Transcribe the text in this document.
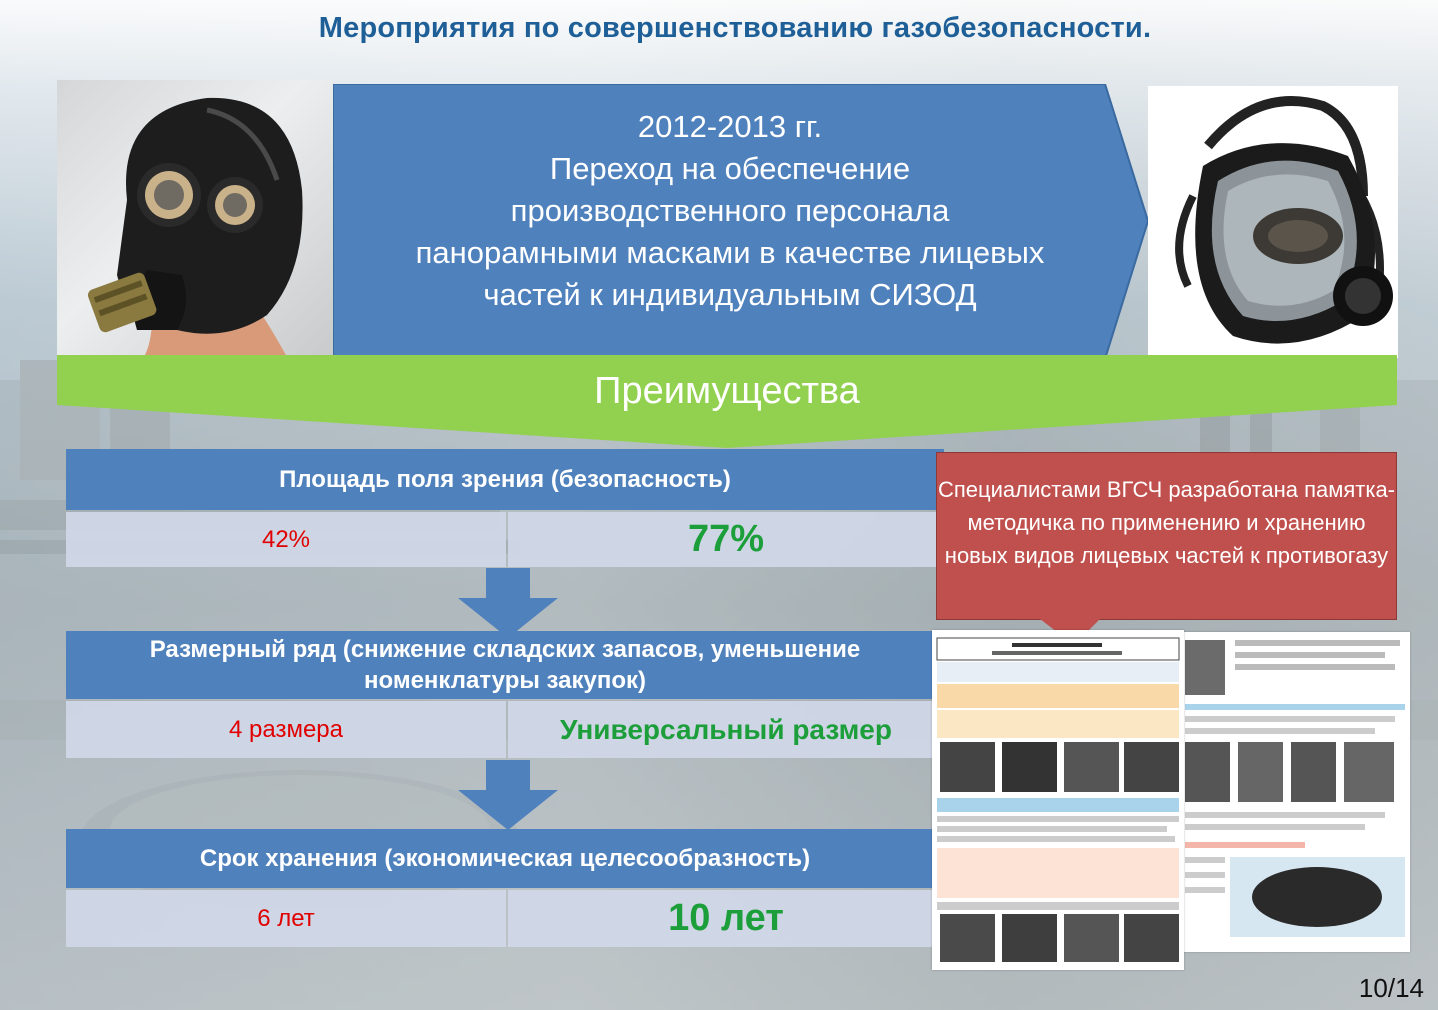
Мероприятия по совершенствованию газобезопасности.
2012-2013 гг.
Переход на обеспечение
производственного персонала
панорамными масками в качестве лицевых
частей к индивидуальным СИЗОД
Преимущества
Площадь поля зрения (безопасность)
42%	77%
Размерный ряд (снижение складских запасов, уменьшение номенклатуры закупок)
4 размера	Универсальный размер
Срок хранения (экономическая целесообразность)
6 лет	10 лет
Специалистами ВГСЧ разработана памятка-методичка по применению и хранению новых видов лицевых частей к противогазу
10/14
